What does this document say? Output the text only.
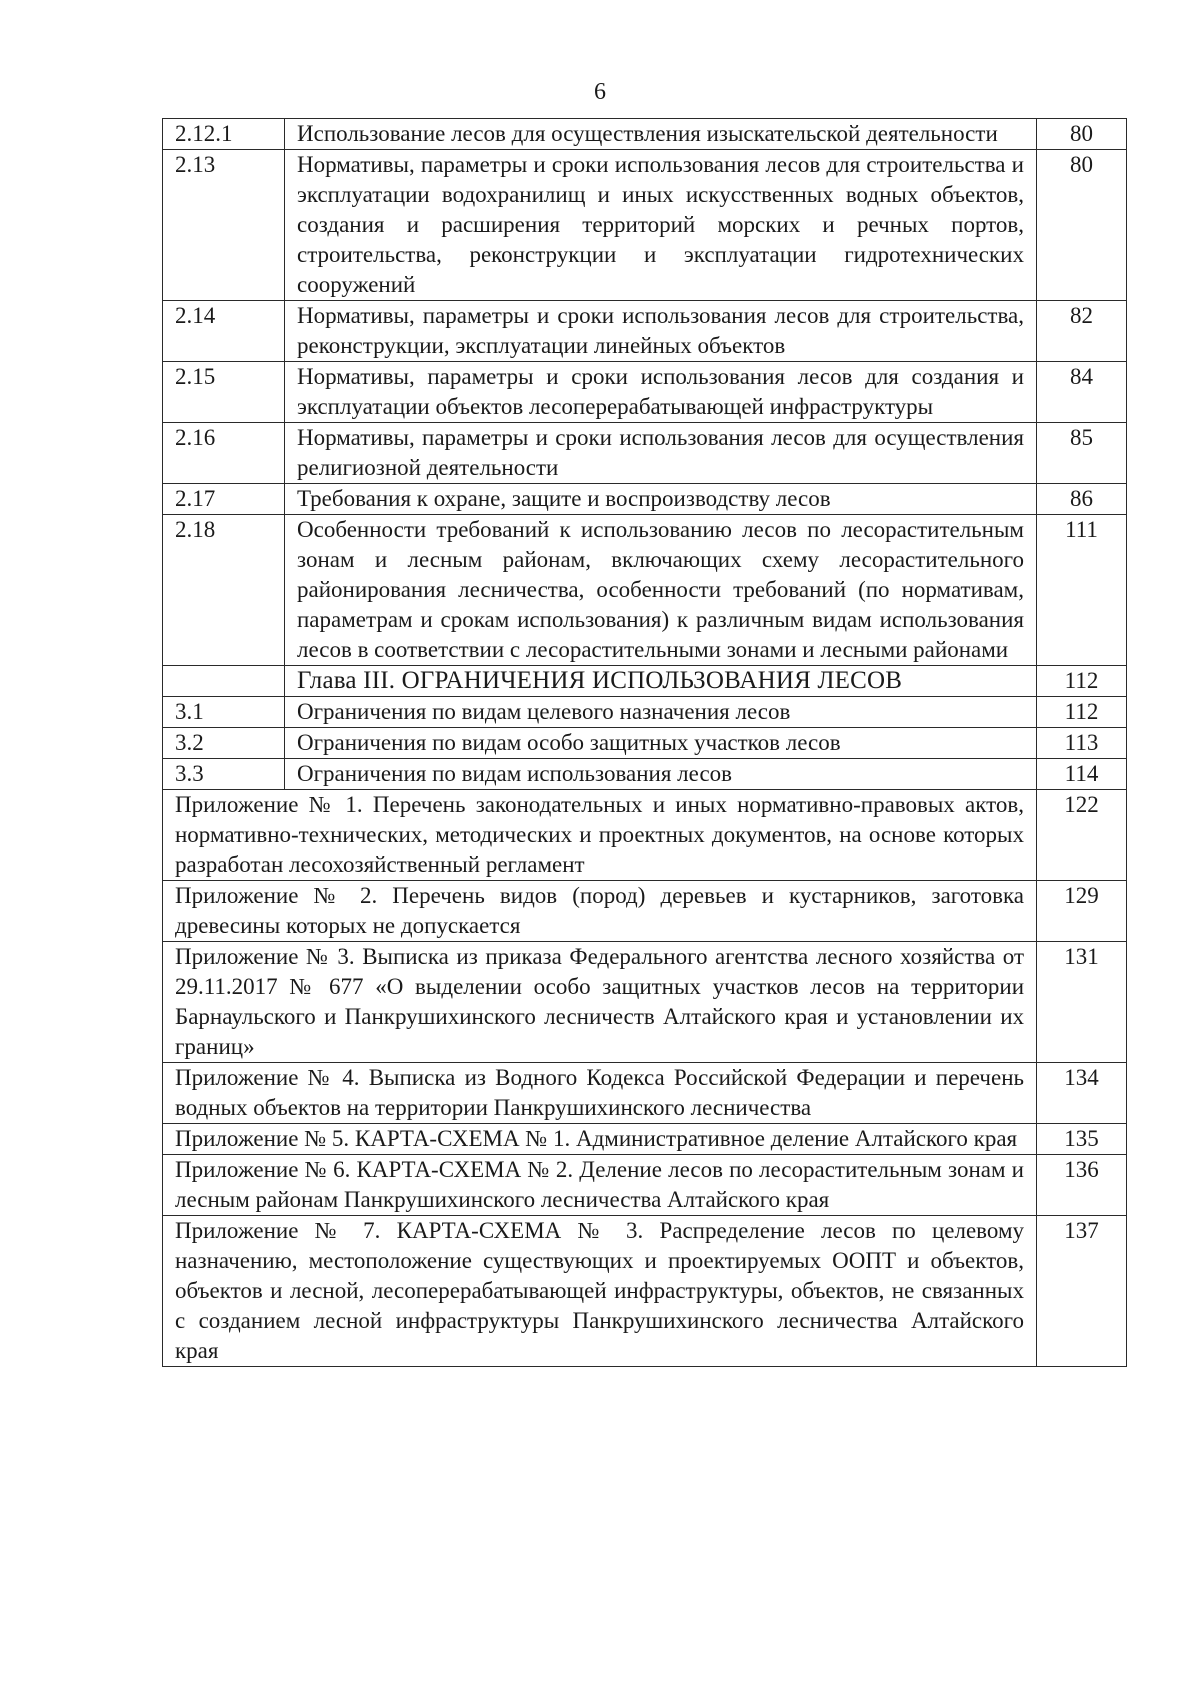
6
2.12.1	Использование лесов для осуществления изыскательской деятельности	80
2.13	Нормативы, параметры и сроки использования лесов для строительства и эксплуатации водохранилищ и иных искусственных водных объектов, создания и расширения территорий морских и речных портов, строительства, реконструкции и эксплуатации гидротехнических сооружений	80
2.14	Нормативы, параметры и сроки использования лесов для строительства, реконструкции, эксплуатации линейных объектов	82
2.15	Нормативы, параметры и сроки использования лесов для создания и эксплуатации объектов лесоперерабатывающей инфраструктуры	84
2.16	Нормативы, параметры и сроки использования лесов для осуществления религиозной деятельности	85
2.17	Требования к охране, защите и воспроизводству лесов	86
2.18	Особенности требований к использованию лесов по лесорастительным зонам и лесным районам, включающих схему лесорастительного районирования лесничества, особенности требований (по нормативам, параметрам и срокам использования) к различным видам использования лесов в соответствии с лесорастительными зонами и лесными районами	111
	Глава III. ОГРАНИЧЕНИЯ ИСПОЛЬЗОВАНИЯ ЛЕСОВ	112
3.1	Ограничения по видам целевого назначения лесов	112
3.2	Ограничения по видам особо защитных участков лесов	113
3.3	Ограничения по видам использования лесов	114
Приложение № 1. Перечень законодательных и иных нормативно-правовых актов, нормативно-технических, методических и проектных документов, на основе которых разработан лесохозяйственный регламент		122
Приложение № 2. Перечень видов (пород) деревьев и кустарников, заготовка древесины которых не допускается		129
Приложение № 3. Выписка из приказа Федерального агентства лесного хозяйства от 29.11.2017 № 677 «О выделении особо защитных участков лесов на территории Барнаульского и Панкрушихинского лесничеств Алтайского края и установлении их границ»		131
Приложение № 4. Выписка из Водного Кодекса Российской Федерации и перечень водных объектов на территории Панкрушихинского лесничества		134
Приложение № 5. КАРТА-СХЕМА № 1. Административное деление Алтайского края		135
Приложение № 6. КАРТА-СХЕМА № 2. Деление лесов по лесорастительным зонам и лесным районам Панкрушихинского лесничества Алтайского края		136
Приложение № 7. КАРТА-СХЕМА № 3. Распределение лесов по целевому назначению, местоположение существующих и проектируемых ООПТ и объектов, объектов и лесной, лесоперерабатывающей инфраструктуры, объектов, не связанных с созданием лесной инфраструктуры Панкрушихинского лесничества Алтайского края		137
